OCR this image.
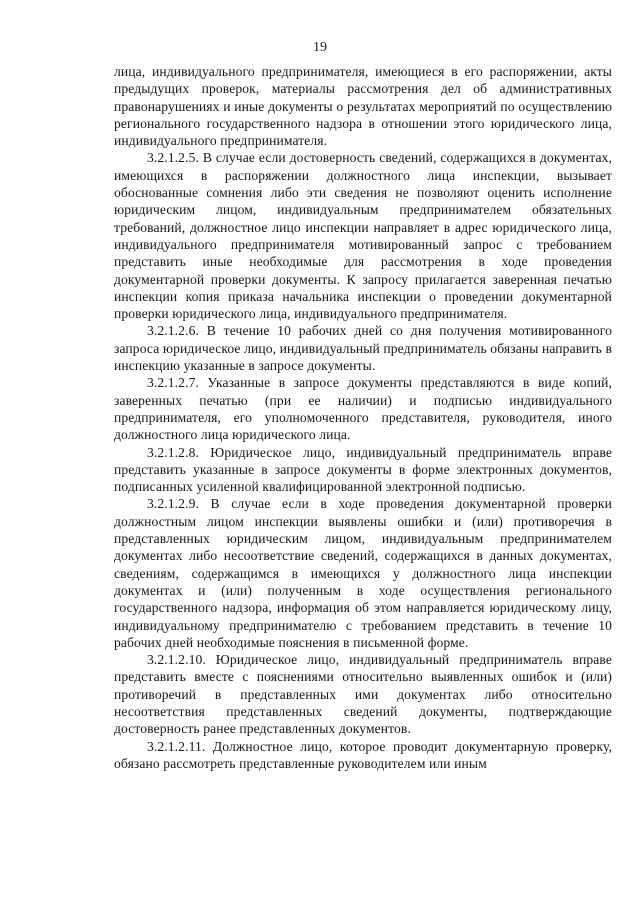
19

лица, индивидуального предпринимателя, имеющиеся в его распоряжении, акты предыдущих проверок, материалы рассмотрения дел об административных правонарушениях и иные документы о результатах мероприятий по осуществлению регионального государственного надзора в отношении этого юридического лица, индивидуального предпринимателя.

3.2.1.2.5. В случае если достоверность сведений, содержащихся в документах, имеющихся в распоряжении должностного лица инспекции, вызывает обоснованные сомнения либо эти сведения не позволяют оценить исполнение юридическим лицом, индивидуальным предпринимателем обязательных требований, должностное лицо инспекции направляет в адрес юридического лица, индивидуального предпринимателя мотивированный запрос с требованием представить иные необходимые для рассмотрения в ходе проведения документарной проверки документы. К запросу прилагается заверенная печатью инспекции копия приказа начальника инспекции о проведении документарной проверки юридического лица, индивидуального предпринимателя.

3.2.1.2.6. В течение 10 рабочих дней со дня получения мотивированного запроса юридическое лицо, индивидуальный предприниматель обязаны направить в инспекцию указанные в запросе документы.

3.2.1.2.7. Указанные в запросе документы представляются в виде копий, заверенных печатью (при ее наличии) и подписью индивидуального предпринимателя, его уполномоченного представителя, руководителя, иного должностного лица юридического лица.

3.2.1.2.8. Юридическое лицо, индивидуальный предприниматель вправе представить указанные в запросе документы в форме электронных документов, подписанных усиленной квалифицированной электронной подписью.

3.2.1.2.9. В случае если в ходе проведения документарной проверки должностным лицом инспекции выявлены ошибки и (или) противоречия в представленных юридическим лицом, индивидуальным предпринимателем документах либо несоответствие сведений, содержащихся в данных документах, сведениям, содержащимся в имеющихся у должностного лица инспекции документах и (или) полученным в ходе осуществления регионального государственного надзора, информация об этом направляется юридическому лицу, индивидуальному предпринимателю с требованием представить в течение 10 рабочих дней необходимые пояснения в письменной форме.

3.2.1.2.10. Юридическое лицо, индивидуальный предприниматель вправе представить вместе с пояснениями относительно выявленных ошибок и (или) противоречий в представленных ими документах либо относительно несоответствия представленных сведений документы, подтверждающие достоверность ранее представленных документов.

3.2.1.2.11. Должностное лицо, которое проводит документарную проверку, обязано рассмотреть представленные руководителем или иным
